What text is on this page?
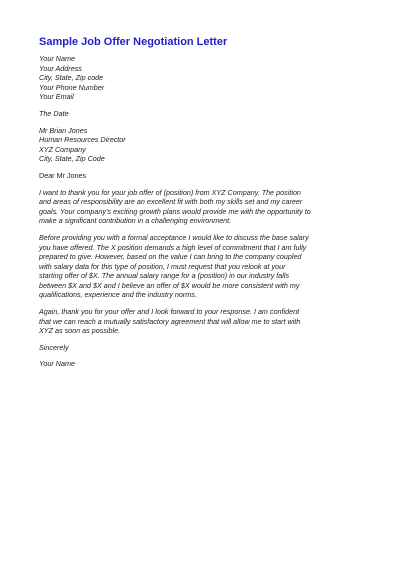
Sample Job Offer Negotiation Letter
Your Name
Your Address
City, State, Zip code
Your Phone Number
Your Email
The Date
Mr Brian Jones
Human Resources Director
XYZ Company
City, State, Zip Code
Dear Mr Jones
I want to thank you for your job offer of (position) from XYZ Company. The position
and areas of responsibility are an excellent fit with both my skills set and my career
goals. Your company's exciting growth plans would provide me with the opportunity to
make a significant contribution in a challenging environment.
Before providing you with a formal acceptance I would like to discuss the base salary
you have offered. The X position demands a high level of commitment that I am fully
prepared to give. However, based on the value I can bring to the company coupled
with salary data for this type of position, I must request that you relook at your
starting offer of $X. The annual salary range for a (position) in our industry falls
between $X and $X and I believe an offer of $X would be more consistent with my
qualifications, experience and the industry norms.
Again, thank you for your offer and I look forward to your response. I am confident
that we can reach a mutually satisfactory agreement that will allow me to start with
XYZ as soon as possible.
Sincerely
Your Name
